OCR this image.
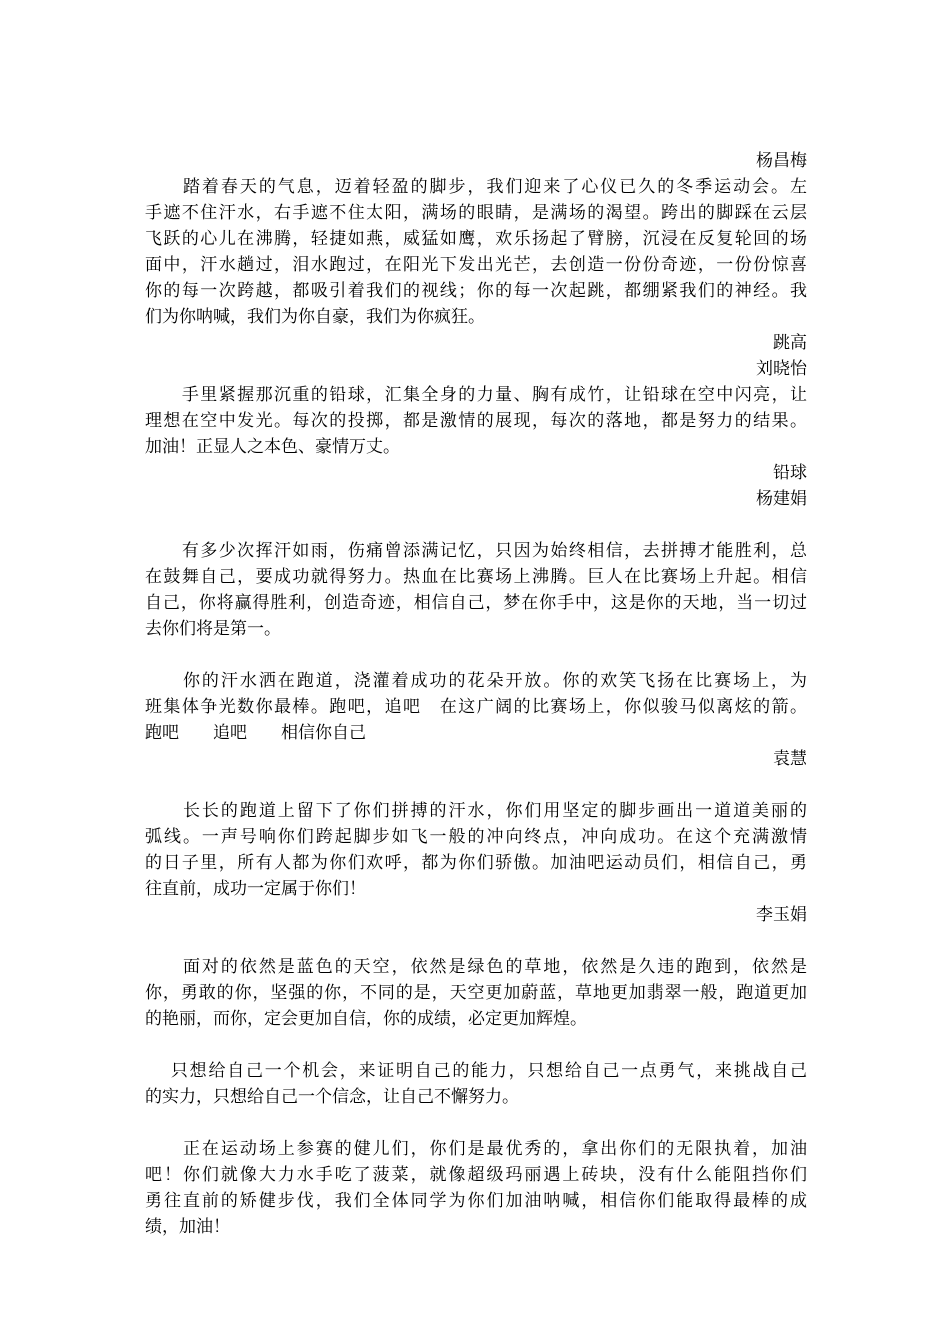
杨昌梅
　　踏着春天的气息，迈着轻盈的脚步，我们迎来了心仪已久的冬季运动会。左
手遮不住汗水，右手遮不住太阳，满场的眼睛，是满场的渴望。跨出的脚踩在云层
飞跃的心儿在沸腾，轻捷如燕，威猛如鹰，欢乐扬起了臂膀，沉浸在反复轮回的场
面中，汗水趟过，泪水跑过，在阳光下发出光芒，去创造一份份奇迹，一份份惊喜
你的每一次跨越，都吸引着我们的视线；你的每一次起跳，都绷紧我们的神经。我
们为你呐喊，我们为你自豪，我们为你疯狂。
跳高
刘晓怡
　　手里紧握那沉重的铅球，汇集全身的力量、胸有成竹，让铅球在空中闪亮，让
理想在空中发光。每次的投掷，都是激情的展现，每次的落地，都是努力的结果。
加油！正显人之本色、豪情万丈。
铅球
杨建娟
　　有多少次挥汗如雨，伤痛曾添满记忆，只因为始终相信，去拼搏才能胜利，总
在鼓舞自己，要成功就得努力。热血在比赛场上沸腾。巨人在比赛场上升起。相信
自己，你将赢得胜利，创造奇迹，相信自己，梦在你手中，这是你的天地，当一切过
去你们将是第一。
　　你的汗水洒在跑道，浇灌着成功的花朵开放。你的欢笑飞扬在比赛场上，为
班集体争光数你最棒。跑吧，追吧　在这广阔的比赛场上，你似骏马似离炫的箭。
跑吧　　追吧　　相信你自己
袁慧
　　长长的跑道上留下了你们拼搏的汗水，你们用坚定的脚步画出一道道美丽的
弧线。一声号响你们跨起脚步如飞一般的冲向终点，冲向成功。在这个充满激情
的日子里，所有人都为你们欢呼，都为你们骄傲。加油吧运动员们，相信自己，勇
往直前，成功一定属于你们！
李玉娟
　　面对的依然是蓝色的天空，依然是绿色的草地，依然是久违的跑到，依然是
你，勇敢的你，坚强的你，不同的是，天空更加蔚蓝，草地更加翡翠一般，跑道更加
的艳丽，而你，定会更加自信，你的成绩，必定更加辉煌。
　 只想给自己一个机会，来证明自己的能力，只想给自己一点勇气，来挑战自己
的实力，只想给自己一个信念，让自己不懈努力。
　　正在运动场上参赛的健儿们，你们是最优秀的，拿出你们的无限执着，加油
吧！你们就像大力水手吃了菠菜，就像超级玛丽遇上砖块，没有什么能阻挡你们
勇往直前的矫健步伐，我们全体同学为你们加油呐喊，相信你们能取得最棒的成
绩，加油！
